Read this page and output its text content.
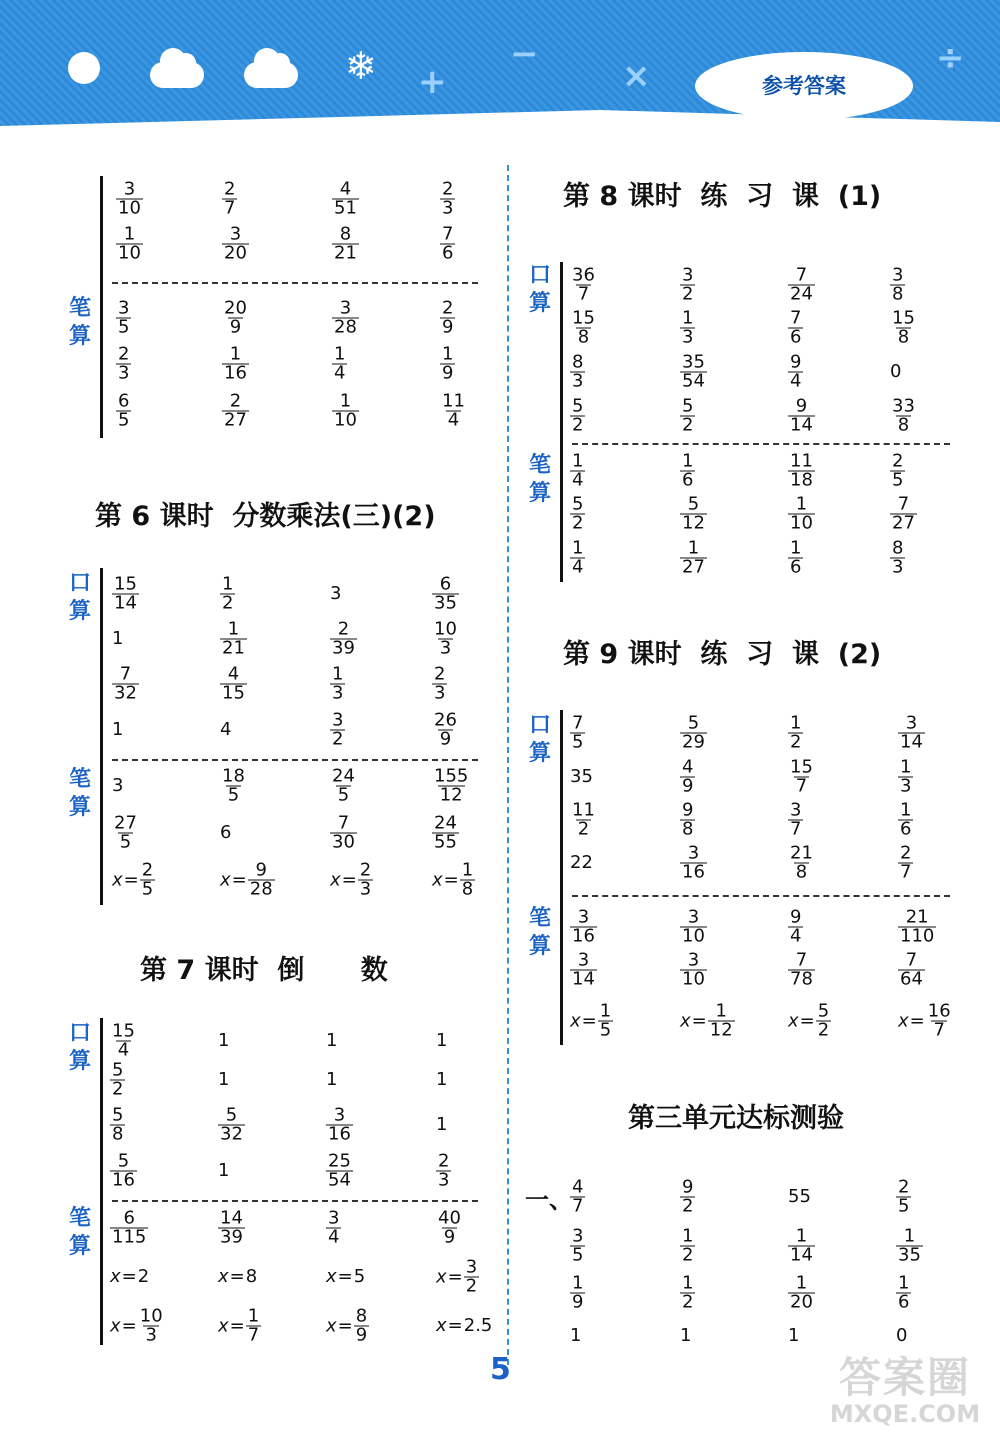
❄ +
−
×	÷
参考答案
第 6 课时  分数乘法(三)(2)
第 7 课时  倒      数
第 8 课时  练  习  课  (1)
第 9 课时  练  习  课  (2)
第三单元达标测验
一、
笔算
$\frac{3}{10}$	$\frac{2}{7}$	$\frac{4}{51}$	$\frac{2}{3}$
$\frac{1}{10}$	$\frac{3}{20}$	$\frac{8}{21}$	$\frac{7}{6}$
$\frac{3}{5}$	$\frac{20}{9}$	$\frac{3}{28}$	$\frac{2}{9}$
$\frac{2}{3}$	$\frac{1}{16}$	$\frac{1}{4}$	$\frac{1}{9}$
$\frac{6}{5}$	$\frac{2}{27}$	$\frac{1}{10}$	$\frac{11}{4}$
口算
笔算
$\frac{15}{14}$	$\frac{1}{2}$	3	$\frac{6}{35}$
1	$\frac{1}{21}$	$\frac{2}{39}$	$\frac{10}{3}$
$\frac{7}{32}$	$\frac{4}{15}$	$\frac{1}{3}$	$\frac{2}{3}$
1	4	$\frac{3}{2}$	$\frac{26}{9}$
3	$\frac{18}{5}$	$\frac{24}{5}$	$\frac{155}{12}$
$\frac{27}{5}$	6	$\frac{7}{30}$	$\frac{24}{55}$
$x= \frac{2}{5}$	$x= \frac{9}{28}$	$x= \frac{2}{3}$	$x= \frac{1}{8}$
口算
笔算
$\frac{15}{4}$	1	1	1
$\frac{5}{2}$	1	1	1
$\frac{5}{8}$	$\frac{5}{32}$	$\frac{3}{16}$	1
$\frac{5}{16}$	1	$\frac{25}{54}$	$\frac{2}{3}$
$\frac{6}{115}$	$\frac{14}{39}$	$\frac{3}{4}$	$\frac{40}{9}$
x=2	x=8	x=5	$x= \frac{3}{2}$
$x= \frac{10}{3}$	$x= \frac{1}{7}$	$x= \frac{8}{9}$	x=2.5
口算
笔算
$\frac{36}{7}$	$\frac{3}{2}$	$\frac{7}{24}$	$\frac{3}{8}$
$\frac{15}{8}$	$\frac{1}{3}$	$\frac{7}{6}$	$\frac{15}{8}$
$\frac{8}{3}$	$\frac{35}{54}$	$\frac{9}{4}$	0
$\frac{5}{2}$	$\frac{5}{2}$	$\frac{9}{14}$	$\frac{33}{8}$
$\frac{1}{4}$	$\frac{1}{6}$	$\frac{11}{18}$	$\frac{2}{5}$
$\frac{5}{2}$	$\frac{5}{12}$	$\frac{1}{10}$	$\frac{7}{27}$
$\frac{1}{4}$	$\frac{1}{27}$	$\frac{1}{6}$	$\frac{8}{3}$
口算
笔算
$\frac{7}{5}$	$\frac{5}{29}$	$\frac{1}{2}$	$\frac{3}{14}$
35	$\frac{4}{9}$	$\frac{15}{7}$	$\frac{1}{3}$
$\frac{11}{2}$	$\frac{9}{8}$	$\frac{3}{7}$	$\frac{1}{6}$
22	$\frac{3}{16}$	$\frac{21}{8}$	$\frac{2}{7}$
$\frac{3}{16}$	$\frac{3}{10}$	$\frac{9}{4}$	$\frac{21}{110}$
$\frac{3}{14}$	$\frac{3}{10}$	$\frac{7}{78}$	$\frac{7}{64}$
$x= \frac{1}{5}$	$x= \frac{1}{12}$	$x= \frac{5}{2}$	$x= \frac{16}{7}$
$\frac{4}{7}$	$\frac{9}{2}$	55	$\frac{2}{5}$
$\frac{3}{5}$	$\frac{1}{2}$	$\frac{1}{14}$	$\frac{1}{35}$
$\frac{1}{9}$	$\frac{1}{2}$	$\frac{1}{20}$	$\frac{1}{6}$
1	1	1	0
5	答案圈
MXQE.COM
